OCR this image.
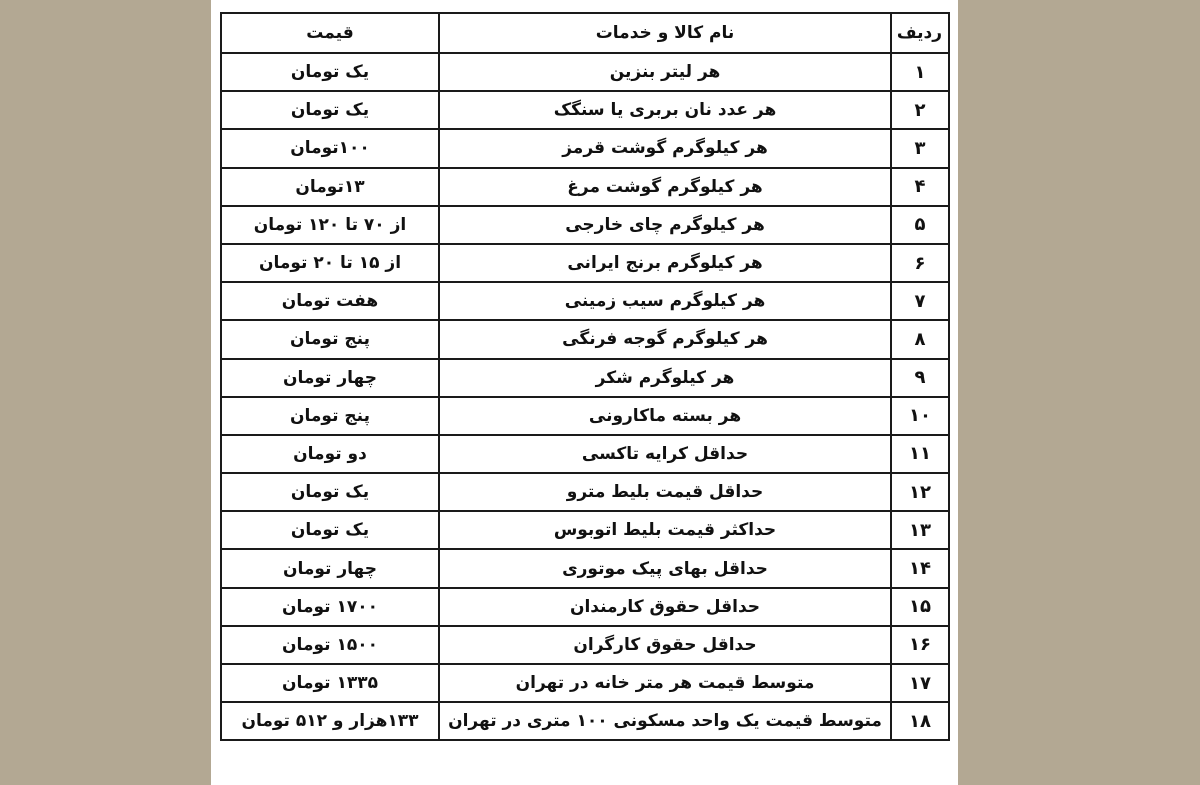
ردیف	نام کالا و خدمات	قیمت
۱	هر لیتر بنزین	یک تومان
۲	هر عدد نان بربری یا سنگک	یک تومان
۳	هر کیلوگرم گوشت قرمز	۱۰۰تومان
۴	هر کیلوگرم گوشت مرغ	۱۳تومان
۵	هر کیلوگرم چای خارجی	از ۷۰ تا ۱۲۰ تومان
۶	هر کیلوگرم برنج ایرانی	از ۱۵ تا ۲۰ تومان
۷	هر کیلوگرم سیب زمینی	هفت تومان
۸	هر کیلوگرم گوجه فرنگی	پنج تومان
۹	هر کیلوگرم شکر	چهار تومان
۱۰	هر بسته ماکارونی	پنج تومان
۱۱	حداقل کرایه تاکسی	دو تومان
۱۲	حداقل قیمت بلیط مترو	یک تومان
۱۳	حداکثر قیمت بلیط اتوبوس	یک تومان
۱۴	حداقل بهای پیک موتوری	چهار تومان
۱۵	حداقل حقوق کارمندان	۱۷۰۰ تومان
۱۶	حداقل حقوق کارگران	۱۵۰۰ تومان
۱۷	متوسط قیمت هر متر خانه در تهران	۱۳۳۵ تومان
۱۸	متوسط قیمت یک واحد مسکونی ۱۰۰ متری در تهران	۱۳۳هزار و ۵۱۲ تومان
